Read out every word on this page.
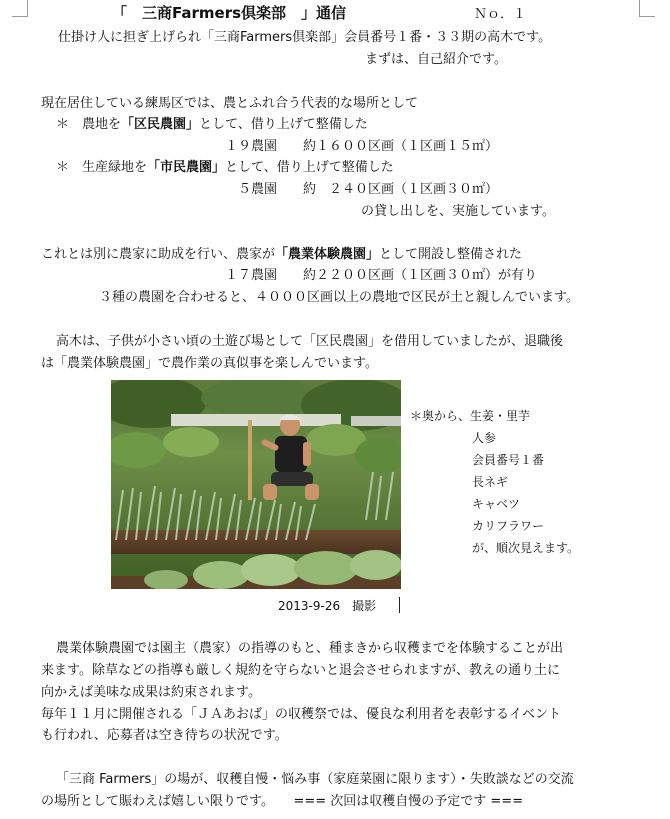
「　三商Farmers倶楽部　」通信	Ｎｏ．１
仕掛け人に担ぎ上げられ「三商Farmers倶楽部」会員番号１番・３３期の高木です。
まずは、自己紹介です。
現在居住している練馬区では、農とふれ合う代表的な場所として
＊　農地を「区民農園」として、借り上げて整備した
１９農園　　約１６００区画（１区画１５㎡）
＊　生産緑地を「市民農園」として、借り上げて整備した
５農園　　約　２４０区画（１区画３０㎡）
の貸し出しを、実施しています。
これとは別に農家に助成を行い、農家が「農業体験農園」として開設し整備された
１７農園　　約２２００区画（１区画３０㎡）が有り
３種の農園を合わせると、４０００区画以上の農地で区民が土と親しんでいます。
高木は、子供が小さい頃の土遊び場として「区民農園」を借用していましたが、退職後
は「農業体験農園」で農作業の真似事を楽しんでいます。
＊奥から、生姜・里芋
人参
会員番号１番
長ネギ
キャベツ
カリフラワー
が、順次見えます。
2013-9-26　撮影
農業体験農園では園主（農家）の指導のもと、種まきから収穫までを体験することが出
来ます。除草などの指導も厳しく規約を守らないと退会させられますが、教えの通り土に
向かえば美味な成果は約束されます。
毎年１１月に開催される「ＪＡあおば」の収穫祭では、優良な利用者を表彰するイベント
も行われ、応募者は空き待ちの状況です。
「三商 Farmers」の場が、収穫自慢・悩み事（家庭菜園に限ります）・失敗談などの交流
の場所として賑わえば嬉しい限りです。　　=== 次回は収穫自慢の予定です ===
